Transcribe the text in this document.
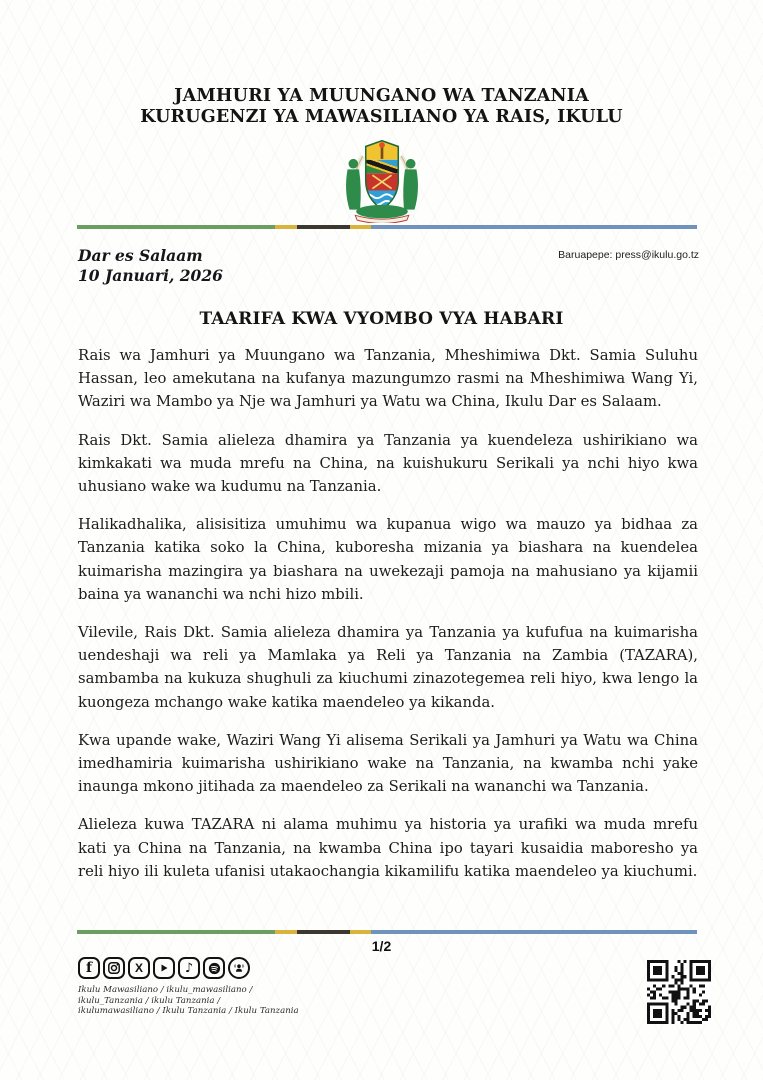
JAMHURI YA MUUNGANO WA TANZANIA
KURUGENZI YA MAWASILIANO YA RAIS, IKULU
Dar es Salaam
10 Januari, 2026
Baruapepe: press@ikulu.go.tz
TAARIFA KWA VYOMBO VYA HABARI

Rais wa Jamhuri ya Muungano wa Tanzania, Mheshimiwa Dkt. Samia Suluhu Hassan, leo amekutana na kufanya mazungumzo rasmi na Mheshimiwa Wang Yi, Waziri wa Mambo ya Nje wa Jamhuri ya Watu wa China, Ikulu Dar es Salaam.

Rais Dkt. Samia alieleza dhamira ya Tanzania ya kuendeleza ushirikiano wa kimkakati wa muda mrefu na China, na kuishukuru Serikali ya nchi hiyo kwa uhusiano wake wa kudumu na Tanzania.

Halikadhalika, alisisitiza umuhimu wa kupanua wigo wa mauzo ya bidhaa za Tanzania katika soko la China, kuboresha mizania ya biashara na kuendelea kuimarisha mazingira ya biashara na uwekezaji pamoja na mahusiano ya kijamii baina ya wananchi wa nchi hizo mbili.

Vilevile, Rais Dkt. Samia alieleza dhamira ya Tanzania ya kufufua na kuimarisha uendeshaji wa reli ya Mamlaka ya Reli ya Tanzania na Zambia (TAZARA), sambamba na kukuza shughuli za kiuchumi zinazotegemea reli hiyo, kwa lengo la kuongeza mchango wake katika maendeleo ya kikanda.

Kwa upande wake, Waziri Wang Yi alisema Serikali ya Jamhuri ya Watu wa China imedhamiria kuimarisha ushirikiano wake na Tanzania, na kwamba nchi yake inaunga mkono jitihada za maendeleo za Serikali na wananchi wa Tanzania.

Alieleza kuwa TAZARA ni alama muhimu ya historia ya urafiki wa muda mrefu kati ya China na Tanzania, na kwamba China ipo tayari kusaidia maboresho ya reli hiyo ili kuleta ufanisi utakaochangia kikamilifu katika maendeleo ya kiuchumi.

1/2
f	X	♪
Ikulu Mawasiliano / ikulu_mawasiliano /
ikulu_Tanzania / ikulu Tanzania /
ikulumawasiliano / Ikulu Tanzania / Ikulu Tanzania
